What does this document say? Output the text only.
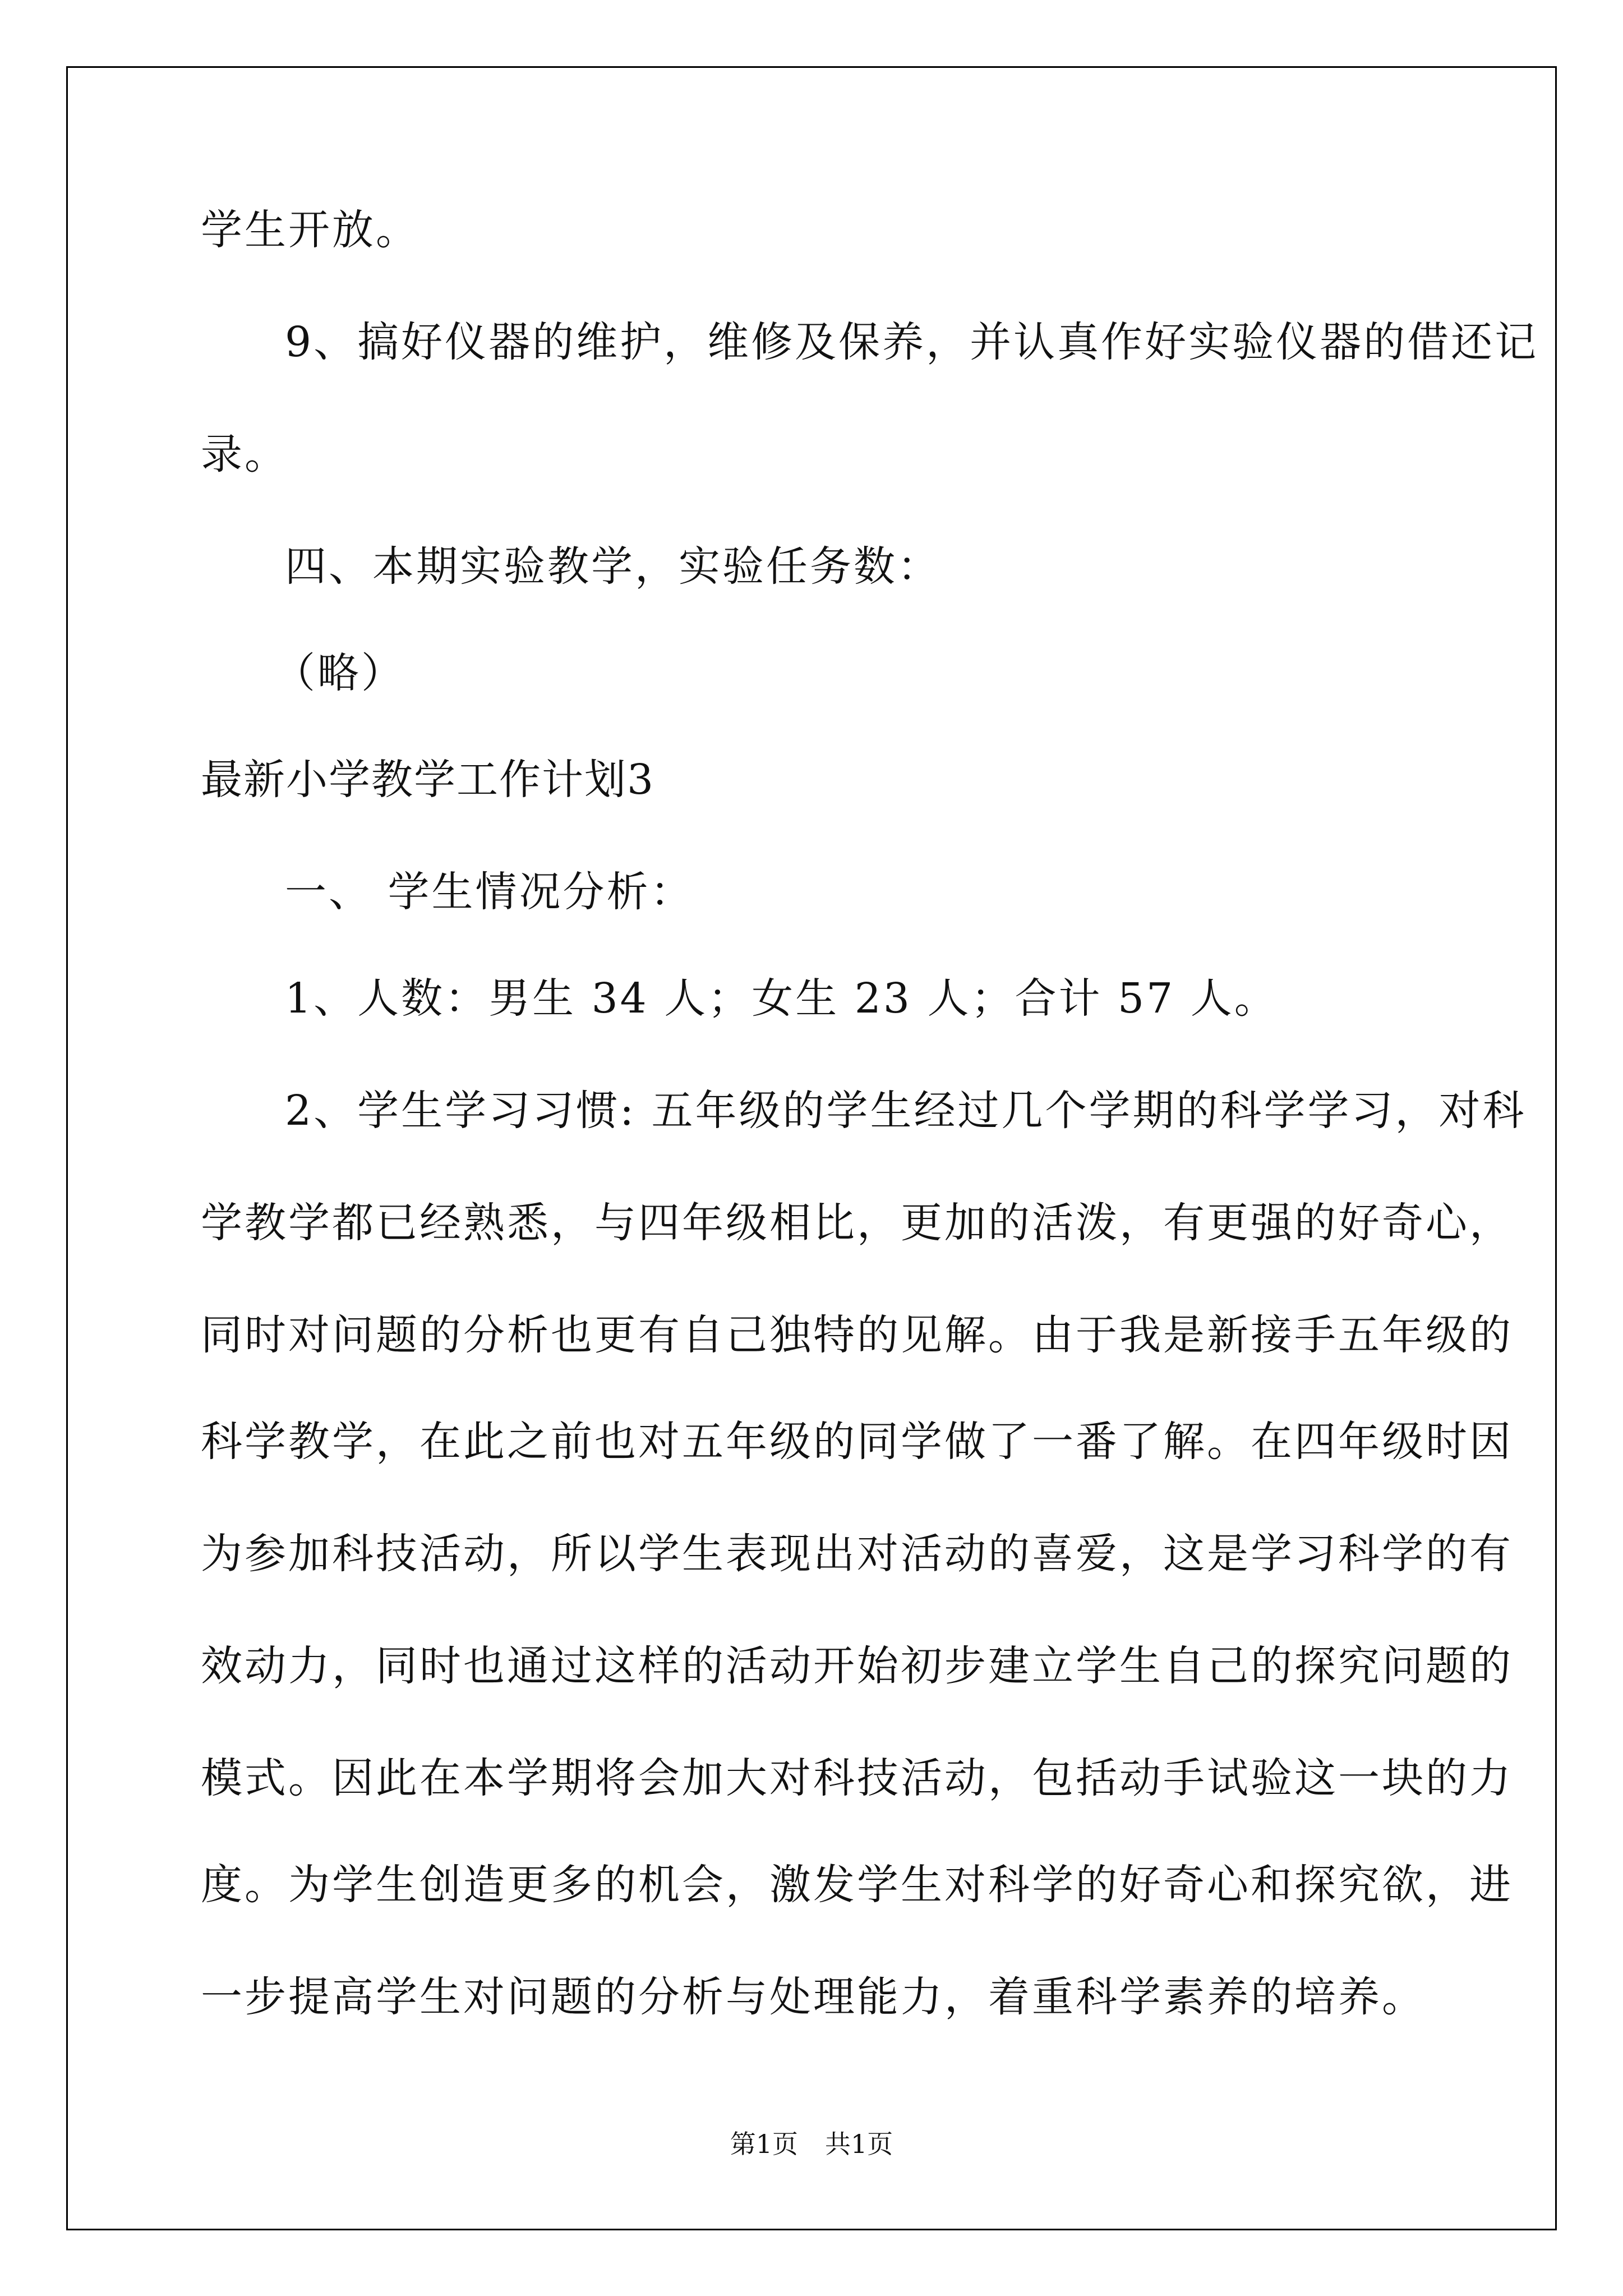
学生开放。
9、搞好仪器的维护，维修及保养，并认真作好实验仪器的借还记
录。
四、本期实验教学，实验任务数：
（略）
最新小学教学工作计划3
一、 学生情况分析：
1、人数：男生 34 人；女生 23 人；合计 57 人。
2、学生学习习惯: 五年级的学生经过几个学期的科学学习，对科
学教学都已经熟悉，与四年级相比，更加的活泼，有更强的好奇心，
同时对问题的分析也更有自己独特的见解。由于我是新接手五年级的
科学教学，在此之前也对五年级的同学做了一番了解。在四年级时因
为参加科技活动，所以学生表现出对活动的喜爱，这是学习科学的有
效动力，同时也通过这样的活动开始初步建立学生自己的探究问题的
模式。因此在本学期将会加大对科技活动，包括动手试验这一块的力
度。为学生创造更多的机会，激发学生对科学的好奇心和探究欲，进
一步提高学生对问题的分析与处理能力，着重科学素养的培养。
第1页 共1页
